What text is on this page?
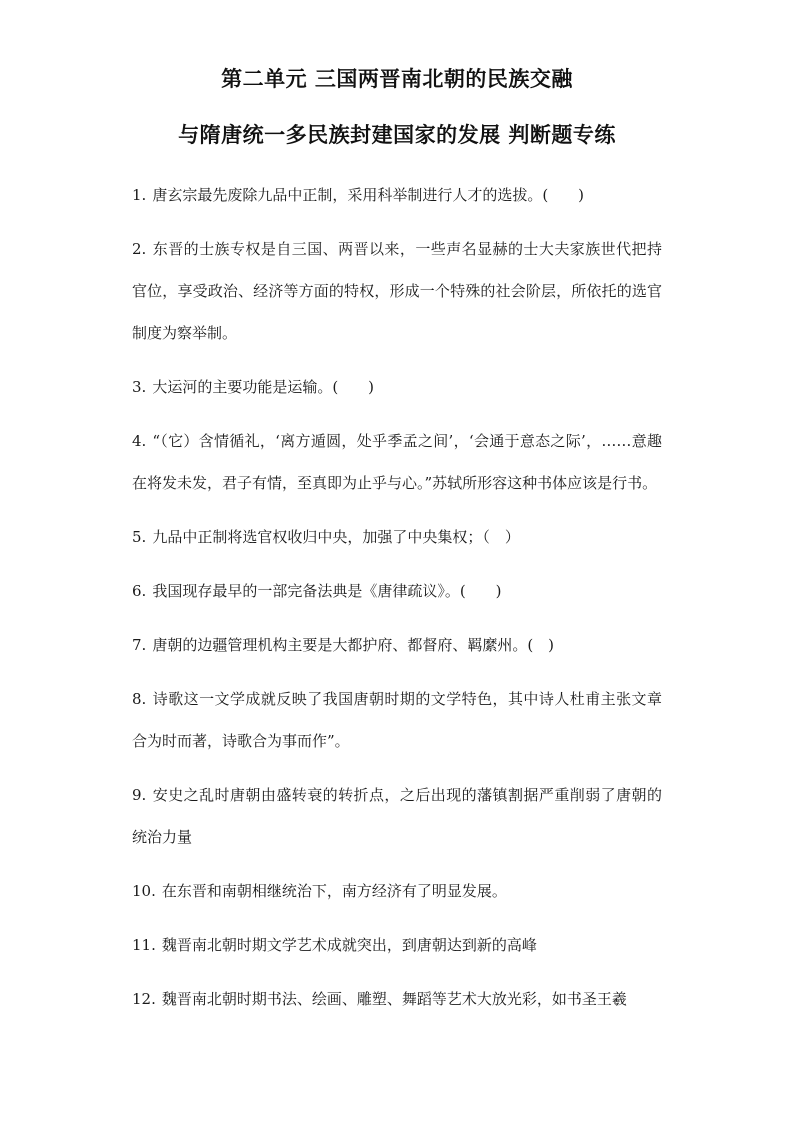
第二单元 三国两晋南北朝的民族交融
与隋唐统一多民族封建国家的发展 判断题专练

1. 唐玄宗最先废除九品中正制，采用科举制进行人才的选拔。(　　)

2. 东晋的士族专权是自三国、两晋以来，一些声名显赫的士大夫家族世代把持官位，享受政治、经济等方面的特权，形成一个特殊的社会阶层，所依托的选官制度为察举制。

3. 大运河的主要功能是运输。(　　)

4. “（它）含情循礼，‘离方遁圆，处乎季孟之间’，‘会通于意态之际’，……意趣在将发未发，君子有情，至真即为止乎与心。”苏轼所形容这种书体应该是行书。

5. 九品中正制将选官权收归中央，加强了中央集权；（　）

6. 我国现存最早的一部完备法典是《唐律疏议》。(　　)

7. 唐朝的边疆管理机构主要是大都护府、都督府、羁縻州。(　)

8. 诗歌这一文学成就反映了我国唐朝时期的文学特色，其中诗人杜甫主张文章合为时而著，诗歌合为事而作”。

9. 安史之乱时唐朝由盛转衰的转折点，之后出现的藩镇割据严重削弱了唐朝的统治力量

10. 在东晋和南朝相继统治下，南方经济有了明显发展。

11. 魏晋南北朝时期文学艺术成就突出，到唐朝达到新的高峰

12. 魏晋南北朝时期书法、绘画、雕塑、舞蹈等艺术大放光彩，如书圣王羲
